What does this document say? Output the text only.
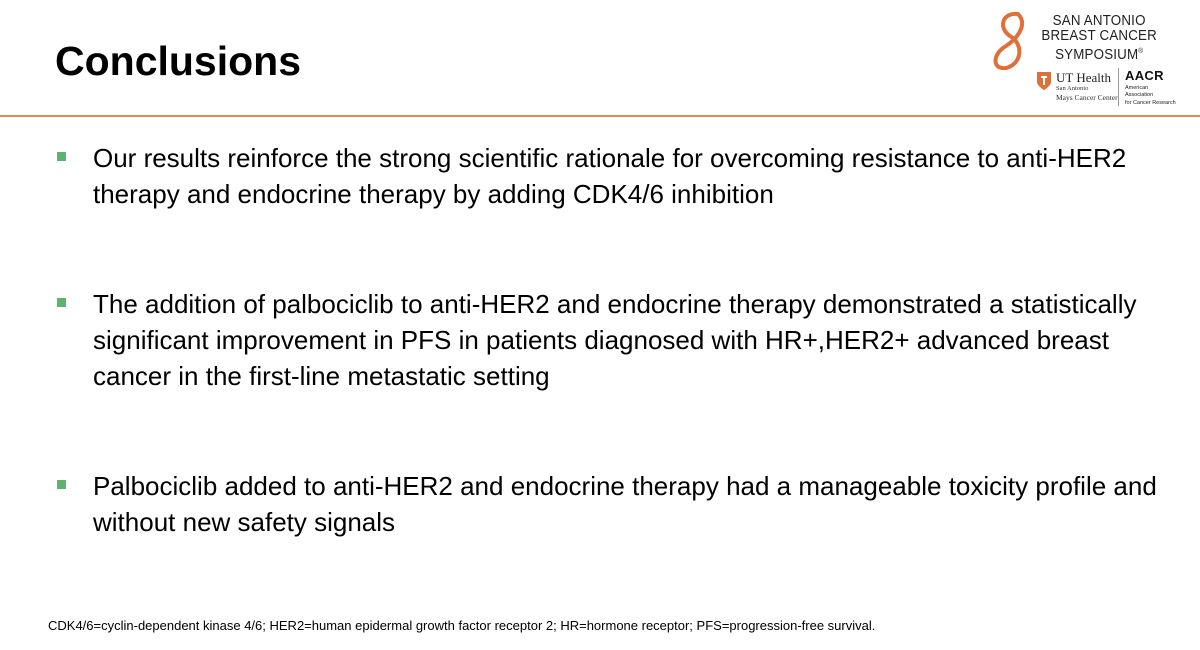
Conclusions
SAN ANTONIO
BREAST CANCER
SYMPOSIUM®
UT Health
San Antonio
Mays Cancer Center
AACR
American Association
for Cancer Research
Our results reinforce the strong scientific rationale for overcoming resistance to anti-HER2 therapy and endocrine therapy by adding CDK4/6 inhibition
The addition of palbociclib to anti-HER2 and endocrine therapy demonstrated a statistically significant improvement in PFS in patients diagnosed with HR+,HER2+ advanced breast cancer in the first-line metastatic setting
Palbociclib added to anti-HER2 and endocrine therapy had a manageable toxicity profile and without new safety signals
CDK4/6=cyclin-dependent kinase 4/6; HER2=human epidermal growth factor receptor 2; HR=hormone receptor; PFS=progression-free survival.
